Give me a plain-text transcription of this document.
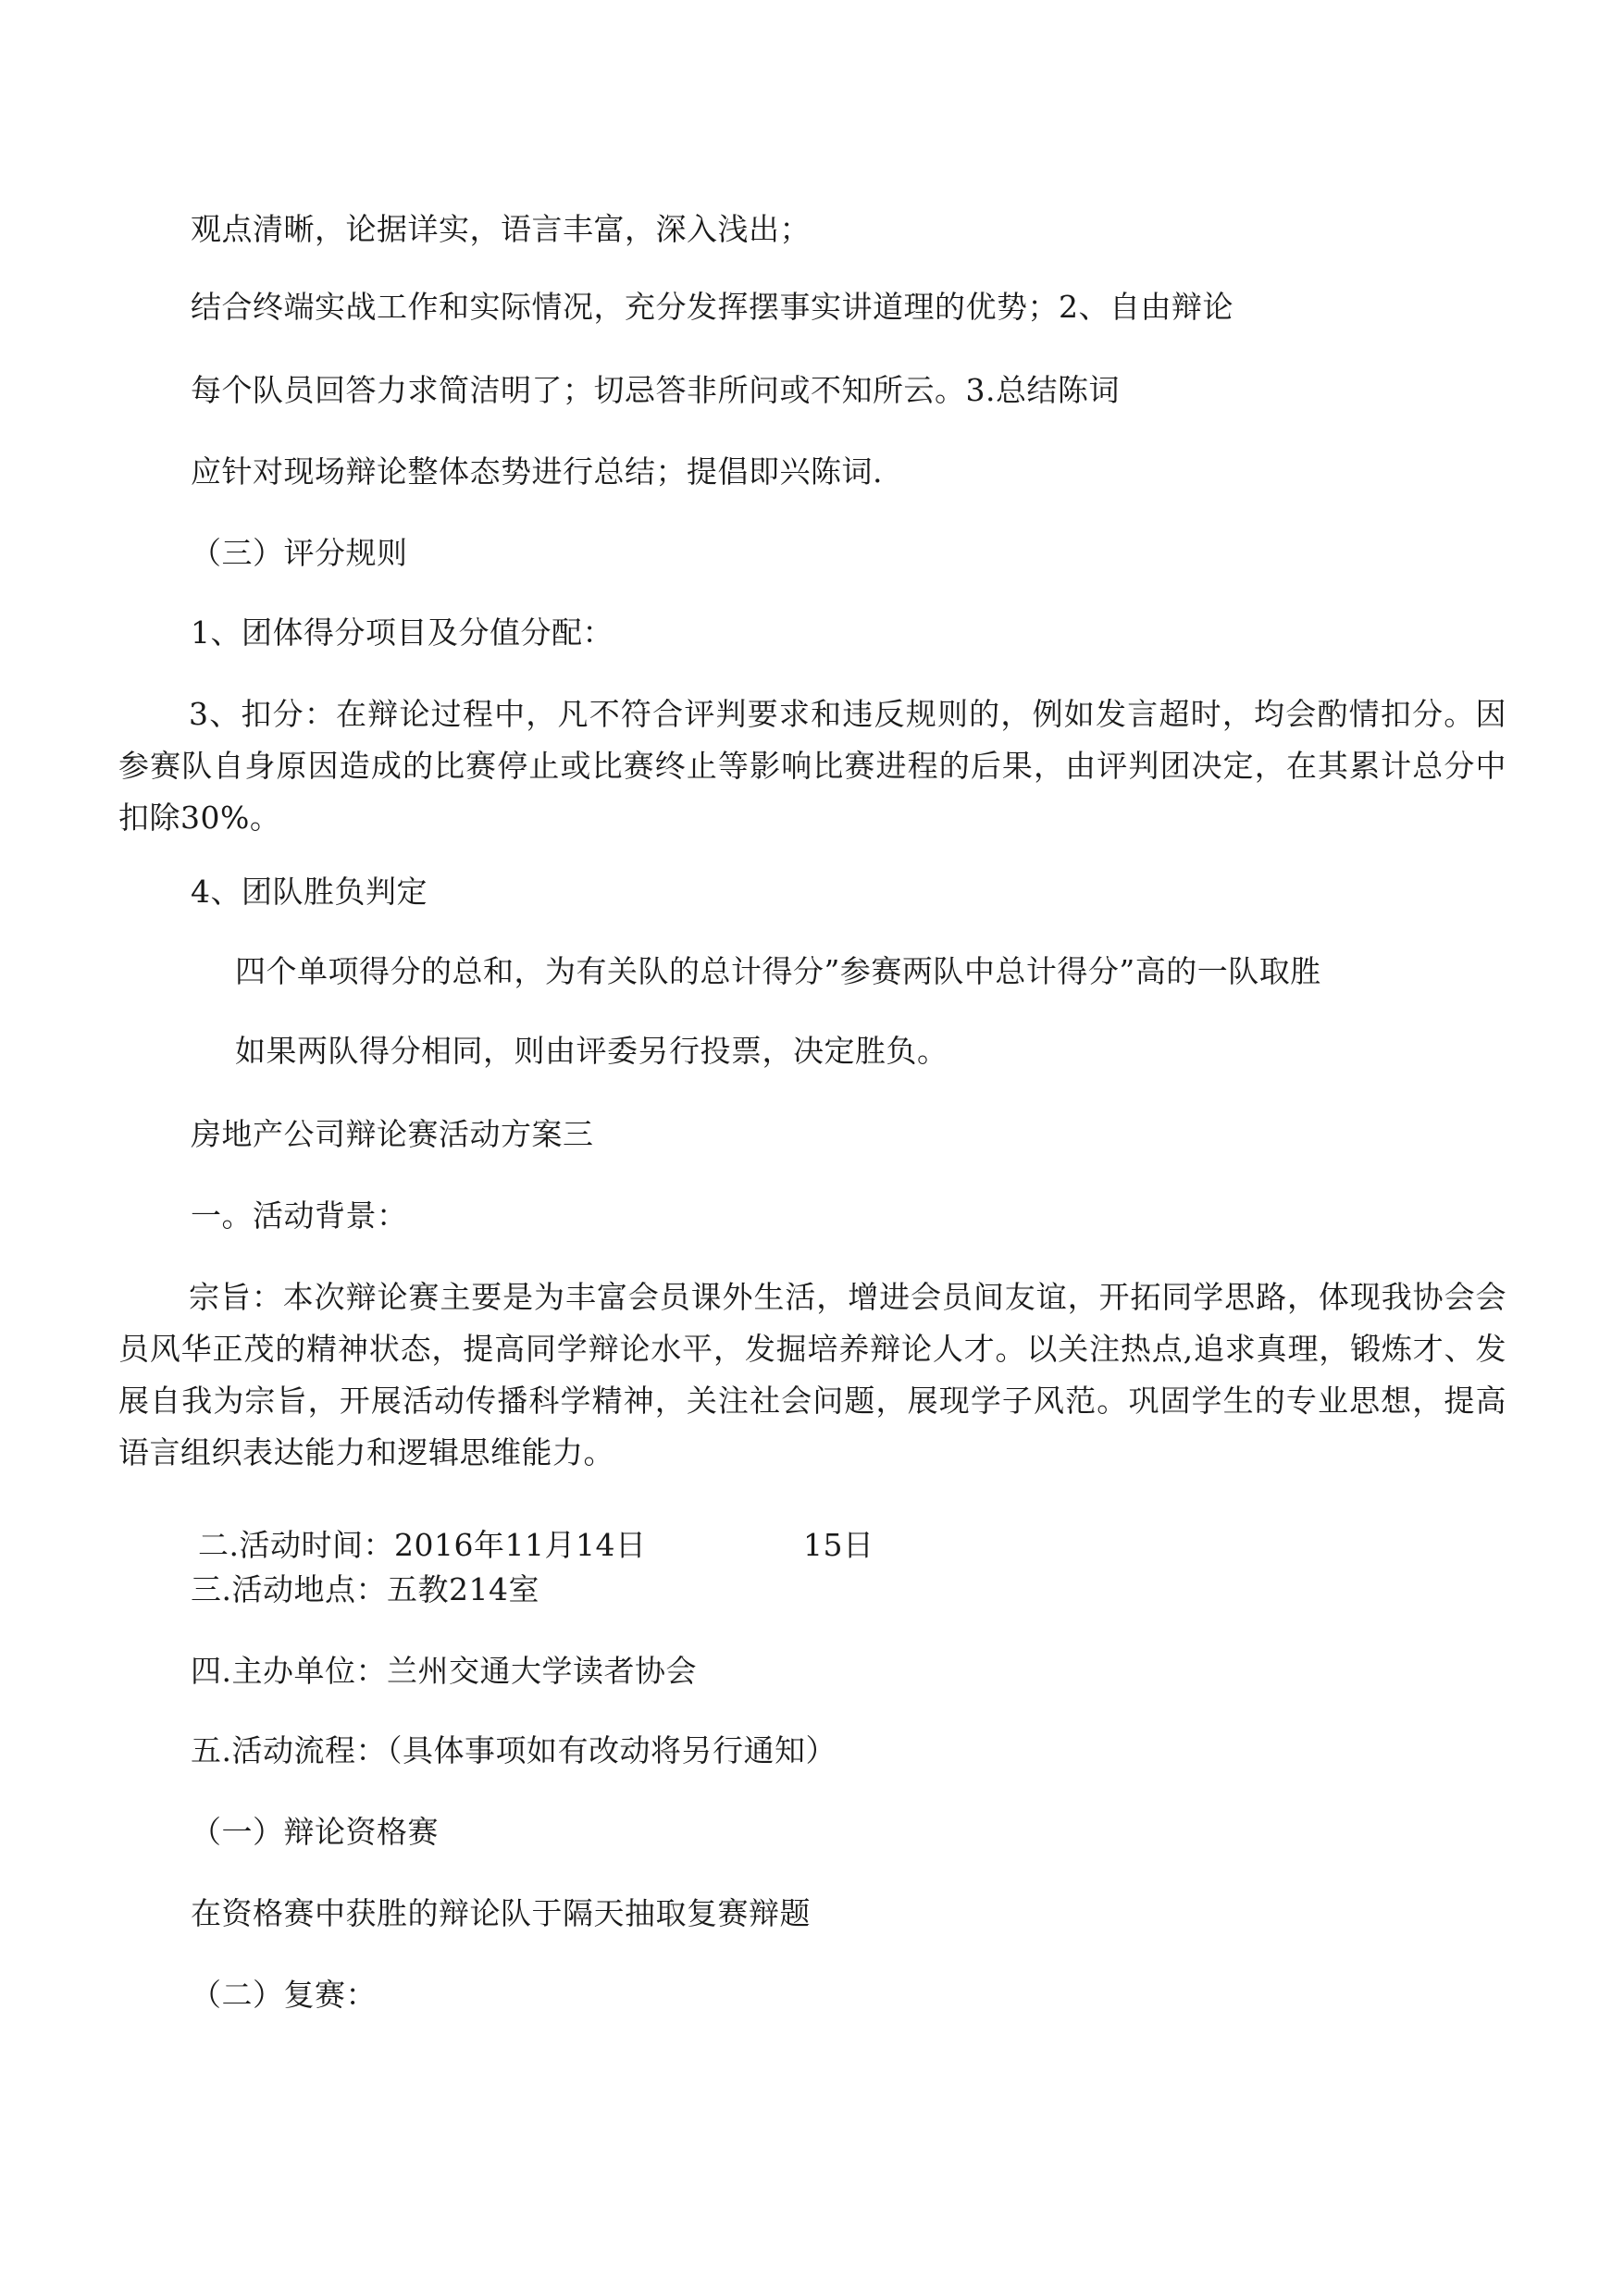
观点清晰，论据详实，语言丰富，深入浅出；
结合终端实战工作和实际情况，充分发挥摆事实讲道理的优势；2、自由辩论
每个队员回答力求简洁明了；切忌答非所问或不知所云。3.总结陈词
应针对现场辩论整体态势进行总结；提倡即兴陈词.
（三）评分规则
1、团体得分项目及分值分配：
3、扣分：在辩论过程中，凡不符合评判要求和违反规则的，例如发言超时，均会酌情扣分。因参赛队自身原因造成的比赛停止或比赛终止等影响比赛进程的后果，由评判团决定，在其累计总分中扣除30%。
4、团队胜负判定
四个单项得分的总和，为有关队的总计得分”参赛两队中总计得分”高的一队取胜
如果两队得分相同，则由评委另行投票，决定胜负。
房地产公司辩论赛活动方案三
一。活动背景：
宗旨：本次辩论赛主要是为丰富会员课外生活，增进会员间友谊，开拓同学思路，体现我协会会员风华正茂的精神状态，提高同学辩论水平，发掘培养辩论人才。以关注热点,追求真理，锻炼才、发展自我为宗旨，开展活动传播科学精神，关注社会问题，展现学子风范。巩固学生的专业思想，提高语言组织表达能力和逻辑思维能力。
二.活动时间：2016年11月14日	15日
三.活动地点：五教214室
四.主办单位：兰州交通大学读者协会
五.活动流程：（具体事项如有改动将另行通知）
（一）辩论资格赛
在资格赛中获胜的辩论队于隔天抽取复赛辩题
（二）复赛：
